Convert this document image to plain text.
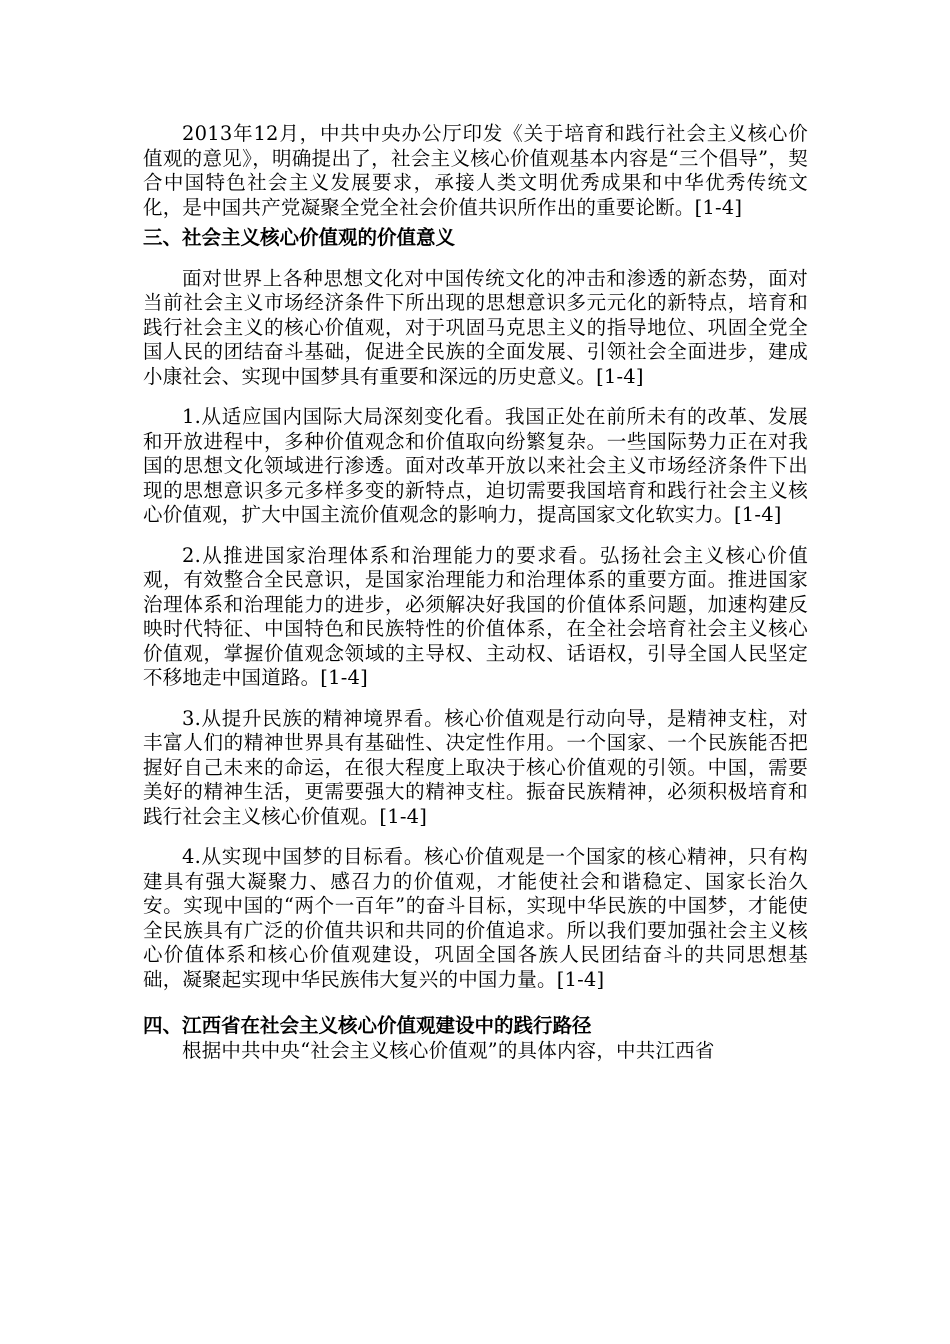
2013年12月，中共中央办公厅印发《关于培育和践行社会主义核心价值观的意见》，明确提出了，社会主义核心价值观基本内容是“三个倡导”，契合中国特色社会主义发展要求，承接人类文明优秀成果和中华优秀传统文化，是中国共产党凝聚全党全社会价值共识所作出的重要论断。[1-4]

三、社会主义核心价值观的价值意义

面对世界上各种思想文化对中国传统文化的冲击和渗透的新态势，面对当前社会主义市场经济条件下所出现的思想意识多元元化的新特点，培育和践行社会主义的核心价值观，对于巩固马克思主义的指导地位、巩固全党全国人民的团结奋斗基础，促进全民族的全面发展、引领社会全面进步，建成小康社会、实现中国梦具有重要和深远的历史意义。[1-4]

1.从适应国内国际大局深刻变化看。我国正处在前所未有的改革、发展和开放进程中，多种价值观念和价值取向纷繁复杂。一些国际势力正在对我国的思想文化领域进行渗透。面对改革开放以来社会主义市场经济条件下出现的思想意识多元多样多变的新特点，迫切需要我国培育和践行社会主义核心价值观，扩大中国主流价值观念的影响力，提高国家文化软实力。[1-4]

2.从推进国家治理体系和治理能力的要求看。弘扬社会主义核心价值观，有效整合全民意识，是国家治理能力和治理体系的重要方面。推进国家治理体系和治理能力的进步，必须解决好我国的价值体系问题，加速构建反映时代特征、中国特色和民族特性的价值体系，在全社会培育社会主义核心价值观，掌握价值观念领域的主导权、主动权、话语权，引导全国人民坚定不移地走中国道路。[1-4]

3.从提升民族的精神境界看。核心价值观是行动向导，是精神支柱，对丰富人们的精神世界具有基础性、决定性作用。一个国家、一个民族能否把握好自己未来的命运，在很大程度上取决于核心价值观的引领。中国，需要美好的精神生活，更需要强大的精神支柱。振奋民族精神，必须积极培育和践行社会主义核心价值观。[1-4]

4.从实现中国梦的目标看。核心价值观是一个国家的核心精神，只有构建具有强大凝聚力、感召力的价值观，才能使社会和谐稳定、国家长治久安。实现中国的“两个一百年”的奋斗目标，实现中华民族的中国梦，才能使全民族具有广泛的价值共识和共同的价值追求。所以我们要加强社会主义核心价值体系和核心价值观建设，巩固全国各族人民团结奋斗的共同思想基础，凝聚起实现中华民族伟大复兴的中国力量。[1-4]

四、江西省在社会主义核心价值观建设中的践行路径

根据中共中央“社会主义核心价值观”的具体内容，中共江西省
